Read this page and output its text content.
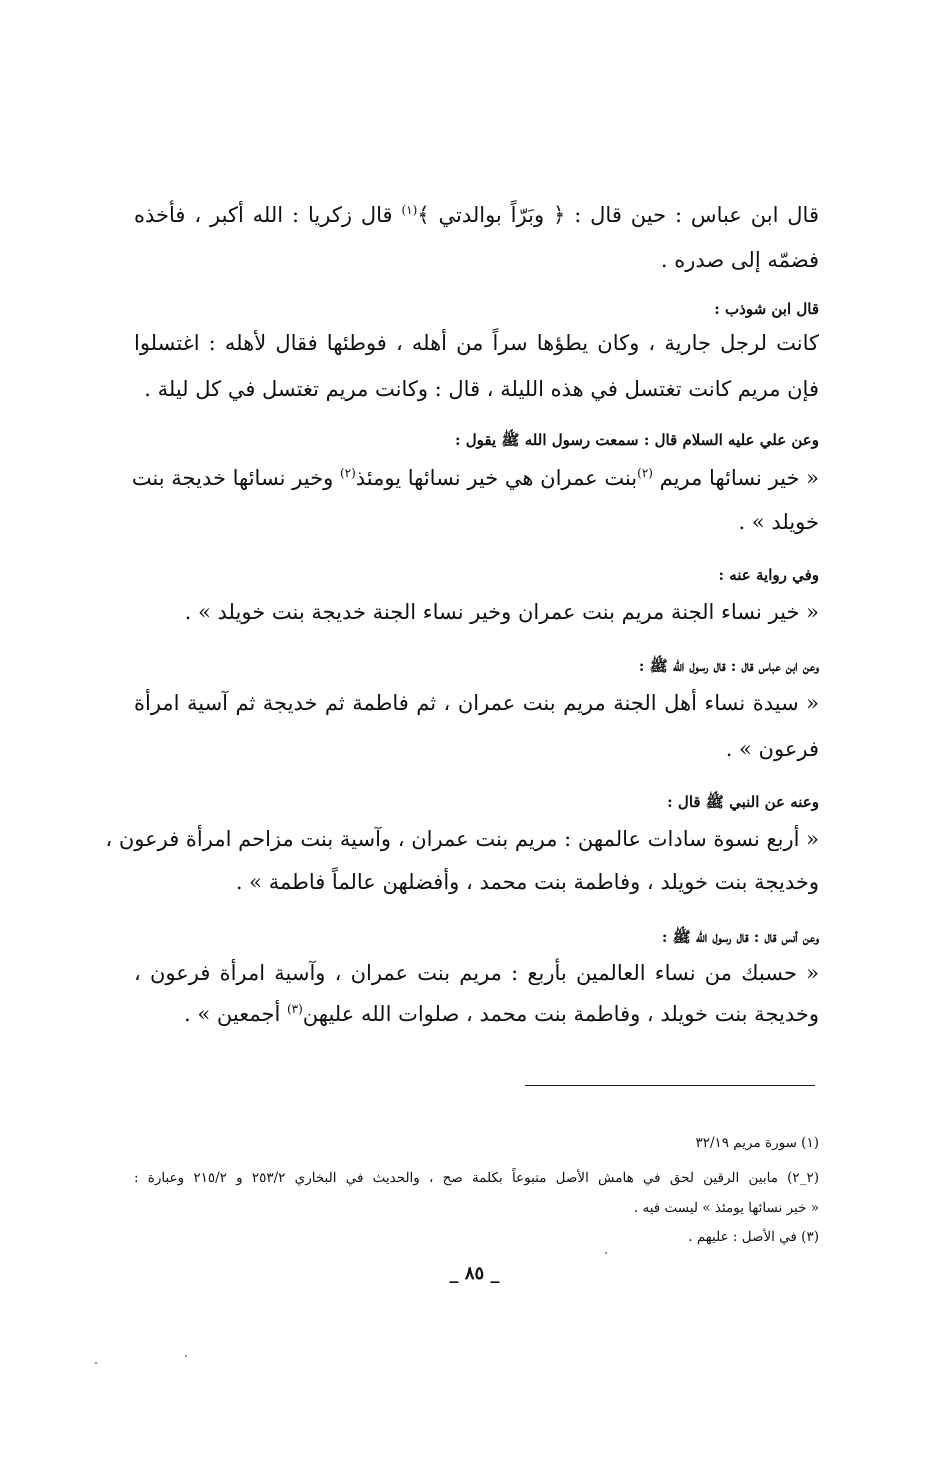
قال ابن عباس : حين قال : ﴿ وبَرّاً بوالدتي ﴾$^{(١)}$ قال زكريا : الله أكبر ، فأخذه

فضمّه إلى صدره .

قال ابن شوذب :

كانت لرجل جارية ، وكان يطؤها سراً من أهله ، فوطئها فقال لأهله : اغتسلوا

فإن مريم كانت تغتسل في هذه الليلة ، قال : وكانت مريم تغتسل في كل ليلة .

وعن علي عليه السلام قال : سمعت رسول الله ﷺ يقول :

« خير نسائها مريم $^{(٢)}$بنت عمران هي خير نسائها يومئذ$^{(٢)}$ وخير نسائها خديجة بنت

خويلد » .

وفي رواية عنه :

« خير نساء الجنة مريم بنت عمران وخير نساء الجنة خديجة بنت خويلد » .

وعن ابن عباس قال : قال رسول الله ﷺ :

« سيدة نساء أهل الجنة مريم بنت عمران ، ثم فاطمة ثم خديجة ثم آسية امرأة

فرعون » .

وعنه عن النبي ﷺ قال :

« أربع نسوة سادات عالمهن : مريم بنت عمران ، وآسية بنت مزاحم امرأة فرعون ،

وخديجة بنت خويلد ، وفاطمة بنت محمد ، وأفضلهن عالماً فاطمة » .

وعن أنس قال : قال رسول الله ﷺ :

« حسبك من نساء العالمين بأربع : مريم بنت عمران ، وآسية امرأة فرعون ،

وخديجة بنت خويلد ، وفاطمة بنت محمد ، صلوات الله عليهن$^{(٣)}$ أجمعين » .

(١) سورة مريم ٣٢/١٩

(٢_٢) مابين الرقين لحق في هامش الأصل متبوعاً بكلمة صح ، والحديث في البخاري ٢٥٣/٢ و ٢١٥/٢ وعبارة :

« خير نسائها يومئذ » ليست فيه .

(٣) في الأصل : عليهم .

_ ٨٥ _
